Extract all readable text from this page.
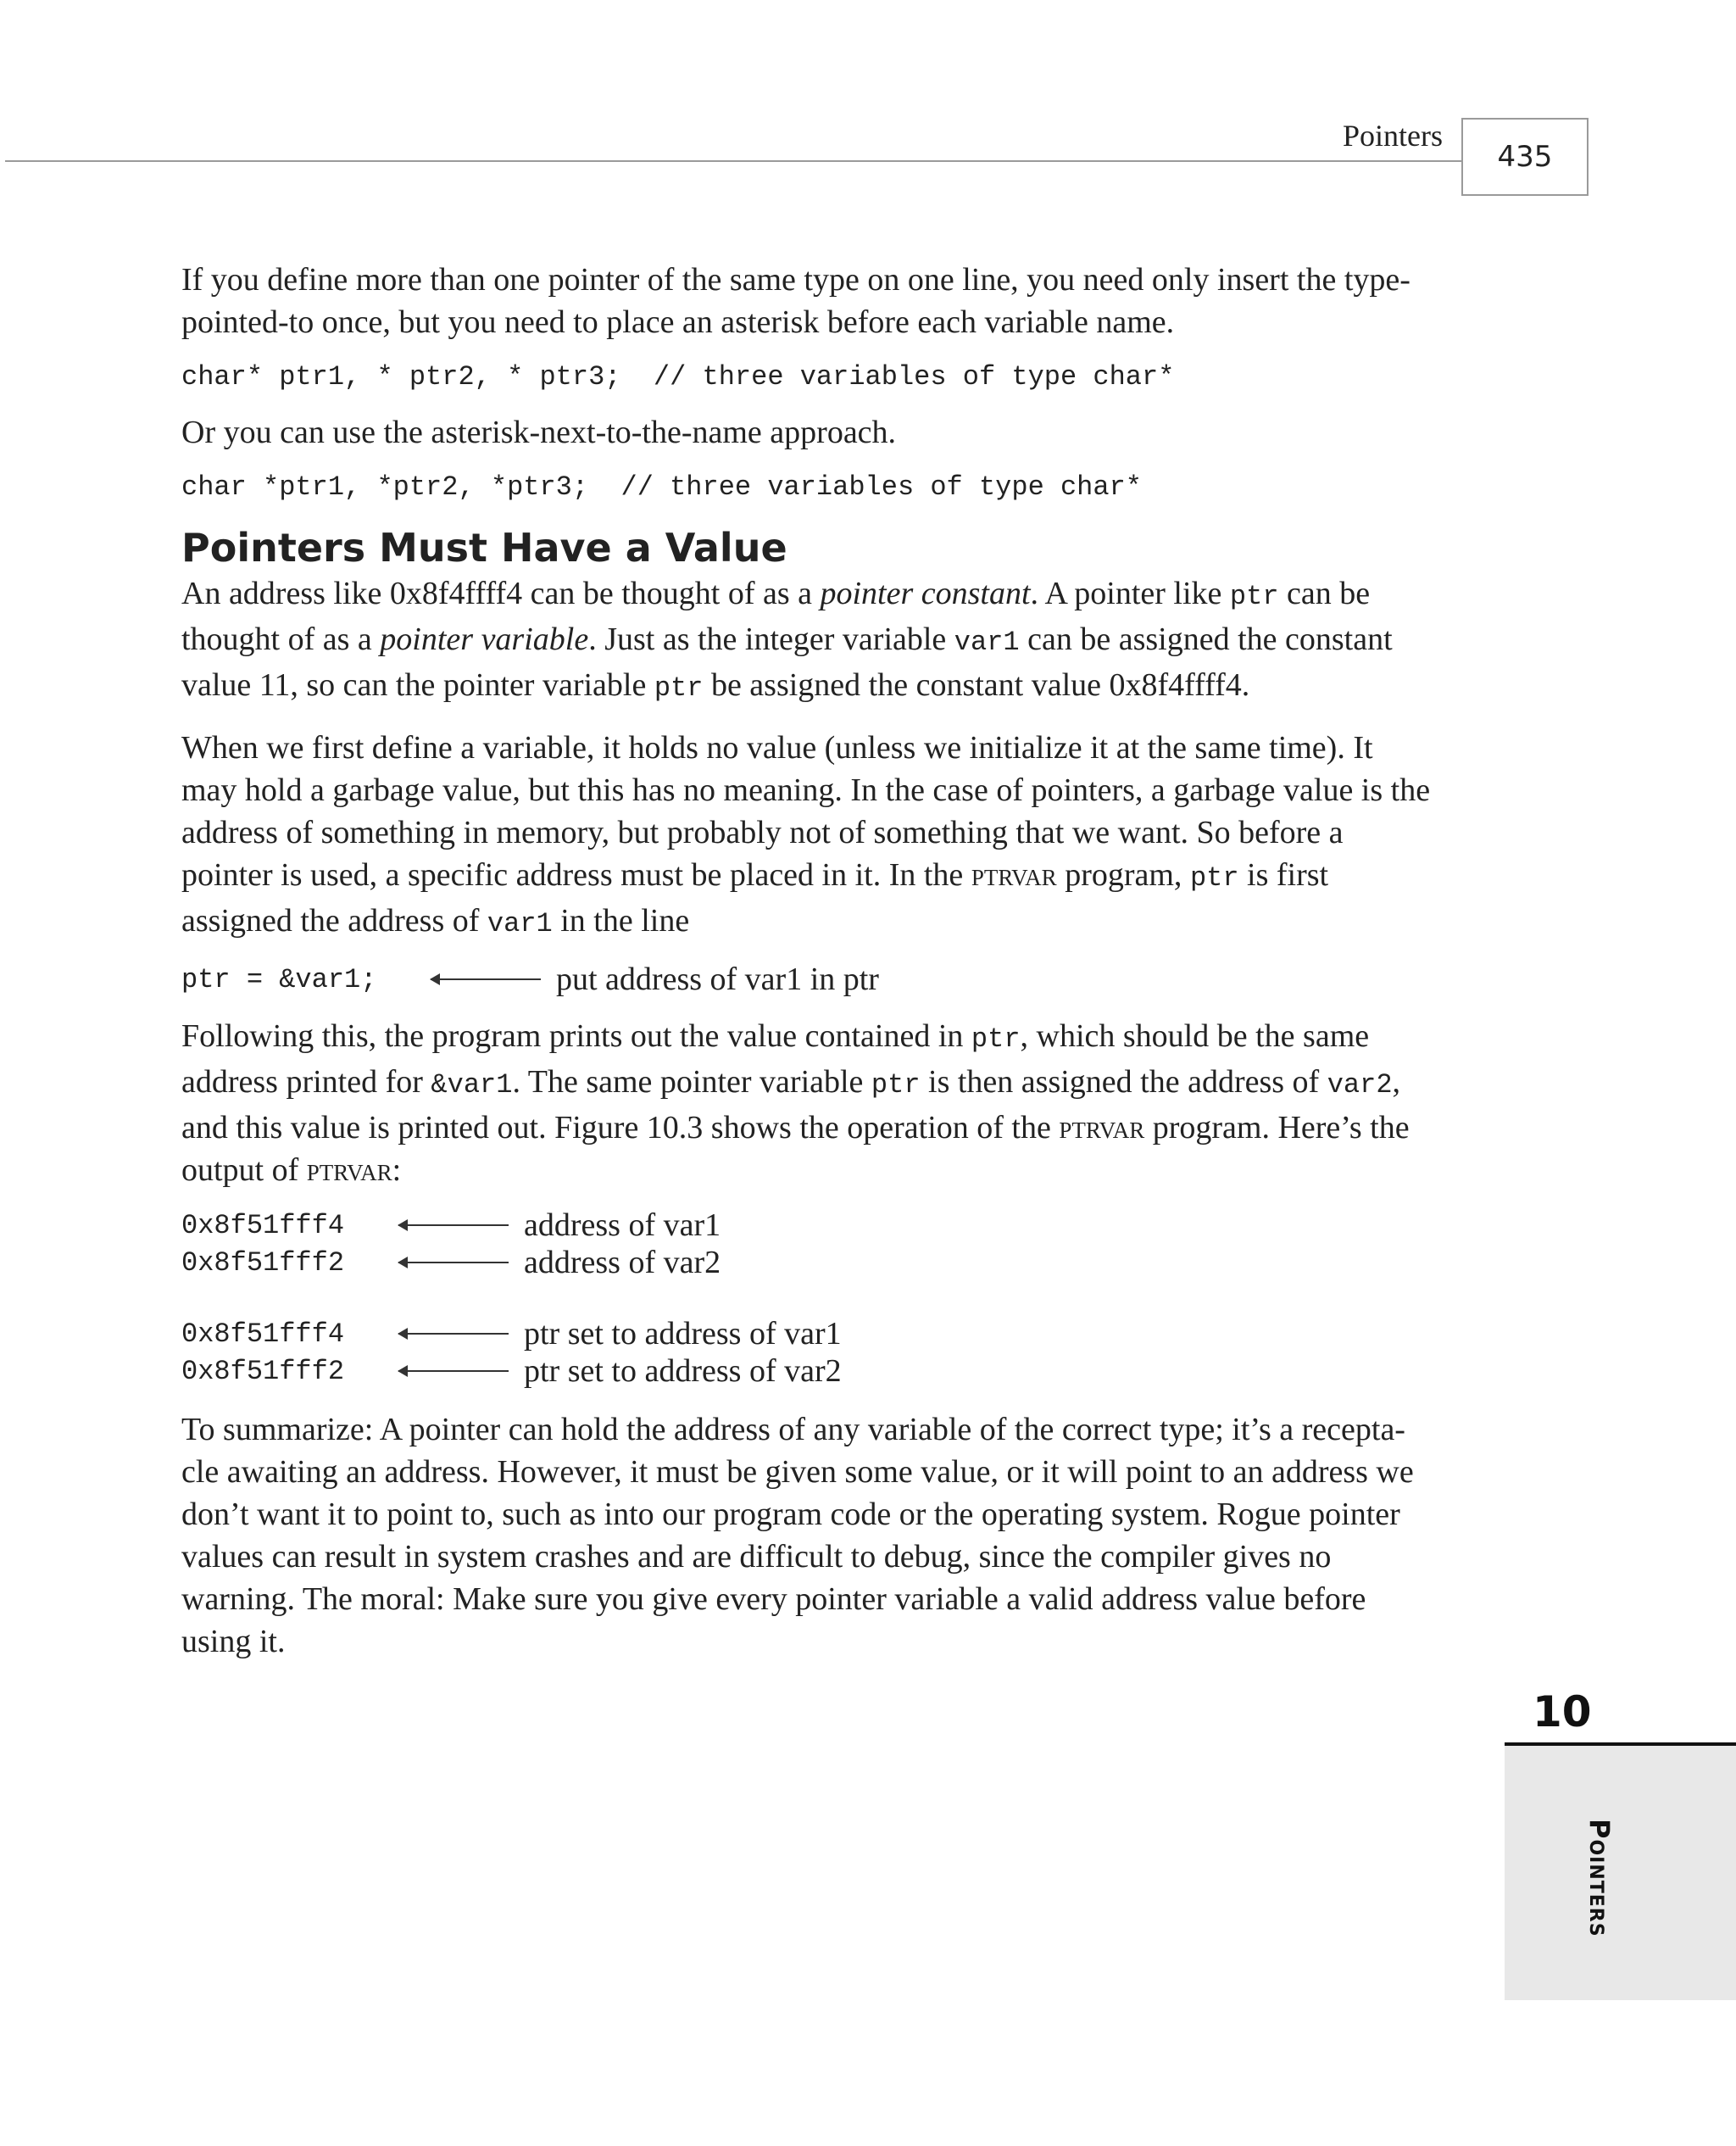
Pointers
435

If you define more than one pointer of the same type on one line, you need only insert the type-pointed-to once, but you need to place an asterisk before each variable name.

char* ptr1, * ptr2, * ptr3;  // three variables of type char*

Or you can use the asterisk-next-to-the-name approach.

char *ptr1, *ptr2, *ptr3;  // three variables of type char*
Pointers Must Have a Value

An address like 0x8f4ffff4 can be thought of as a pointer constant. A pointer like ptr can be thought of as a pointer variable. Just as the integer variable var1 can be assigned the constant value 11, so can the pointer variable ptr be assigned the constant value 0x8f4ffff4.

When we first define a variable, it holds no value (unless we initialize it at the same time). It may hold a garbage value, but this has no meaning. In the case of pointers, a garbage value is the address of something in memory, but probably not of something that we want. So before a pointer is used, a specific address must be placed in it. In the ptrvar program, ptr is first assigned the address of var1 in the line

ptr = &var1;	put address of var1 in ptr

Following this, the program prints out the value contained in ptr, which should be the same address printed for &var1. The same pointer variable ptr is then assigned the address of var2, and this value is printed out. Figure 10.3 shows the operation of the ptrvar program. Here’s the output of ptrvar:

0x8f51fff4	address of var1
0x8f51fff2	address of var2
0x8f51fff4	ptr set to address of var1
0x8f51fff2	ptr set to address of var2

To summarize: A pointer can hold the address of any variable of the correct type; it’s a recepta-cle awaiting an address. However, it must be given some value, or it will point to an address we don’t want it to point to, such as into our program code or the operating system. Rogue pointer values can result in system crashes and are difficult to debug, since the compiler gives no warning. The moral: Make sure you give every pointer variable a valid address value before using it.

10
Pointers
